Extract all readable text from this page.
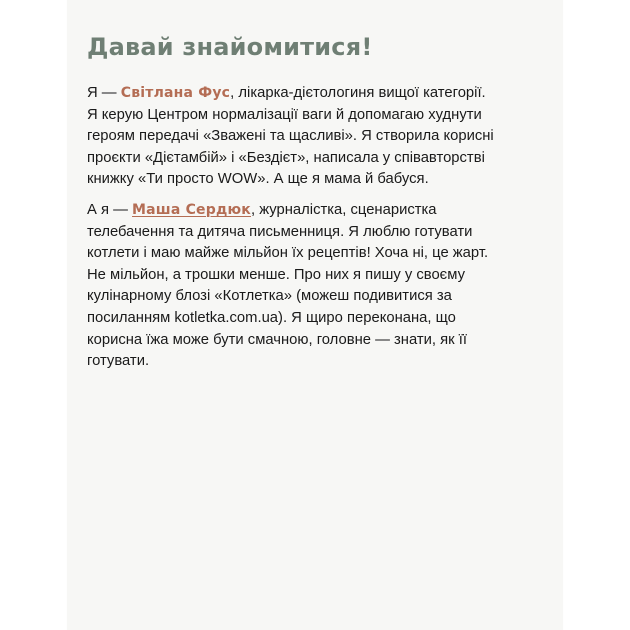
Давай знайомитися!

Я — Світлана Фус, лікарка-дієтологиня вищої категорії.
Я керую Центром нормалізації ваги й допомагаю худнути
героям передачі «Зважені та щасливі». Я створила корисні
проєкти «Дієтамбій» і «Бездієт», написала у співавторстві
книжку «Ти просто WOW». А ще я мама й бабуся.

А я — Маша Сердюк, журналістка, сценаристка
телебачення та дитяча письменниця. Я люблю готувати
котлети і маю майже мільйон їх рецептів! Хоча ні, це жарт.
Не мільйон, а трошки менше. Про них я пишу у своєму
кулінарному блозі «Котлетка» (можеш подивитися за
посиланням kotletka.com.ua). Я щиро переконана, що
корисна їжа може бути смачною, головне — знати, як її
готувати.
